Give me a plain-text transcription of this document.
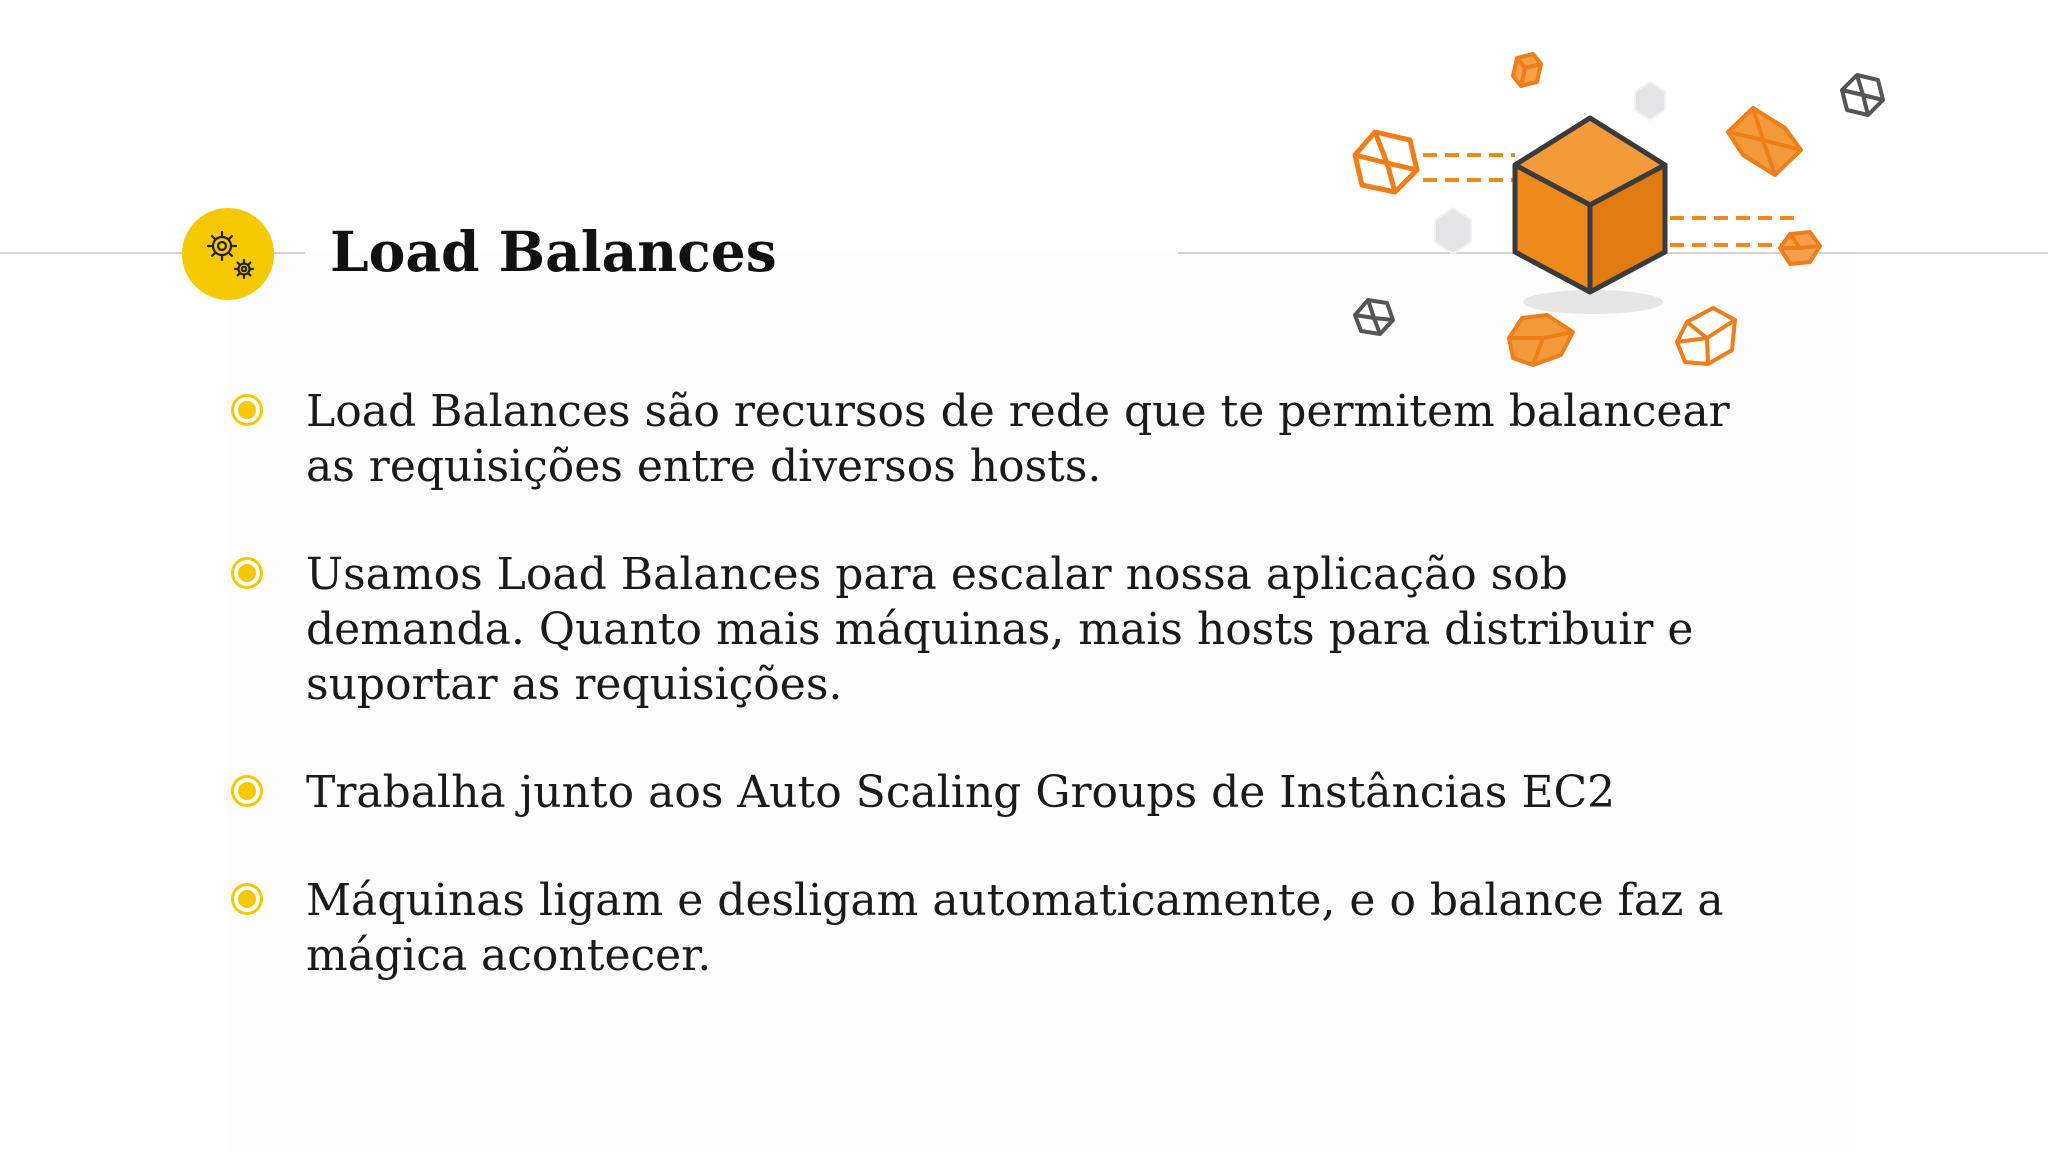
Load Balances
Load Balances são recursos de rede que te permitem balancear as requisições entre diversos hosts.
Usamos Load Balances para escalar nossa aplicação sob demanda. Quanto mais máquinas, mais hosts para distribuir e suportar as requisições.
Trabalha junto aos Auto Scaling Groups de Instâncias EC2
Máquinas ligam e desligam automaticamente, e o balance faz a mágica acontecer.
